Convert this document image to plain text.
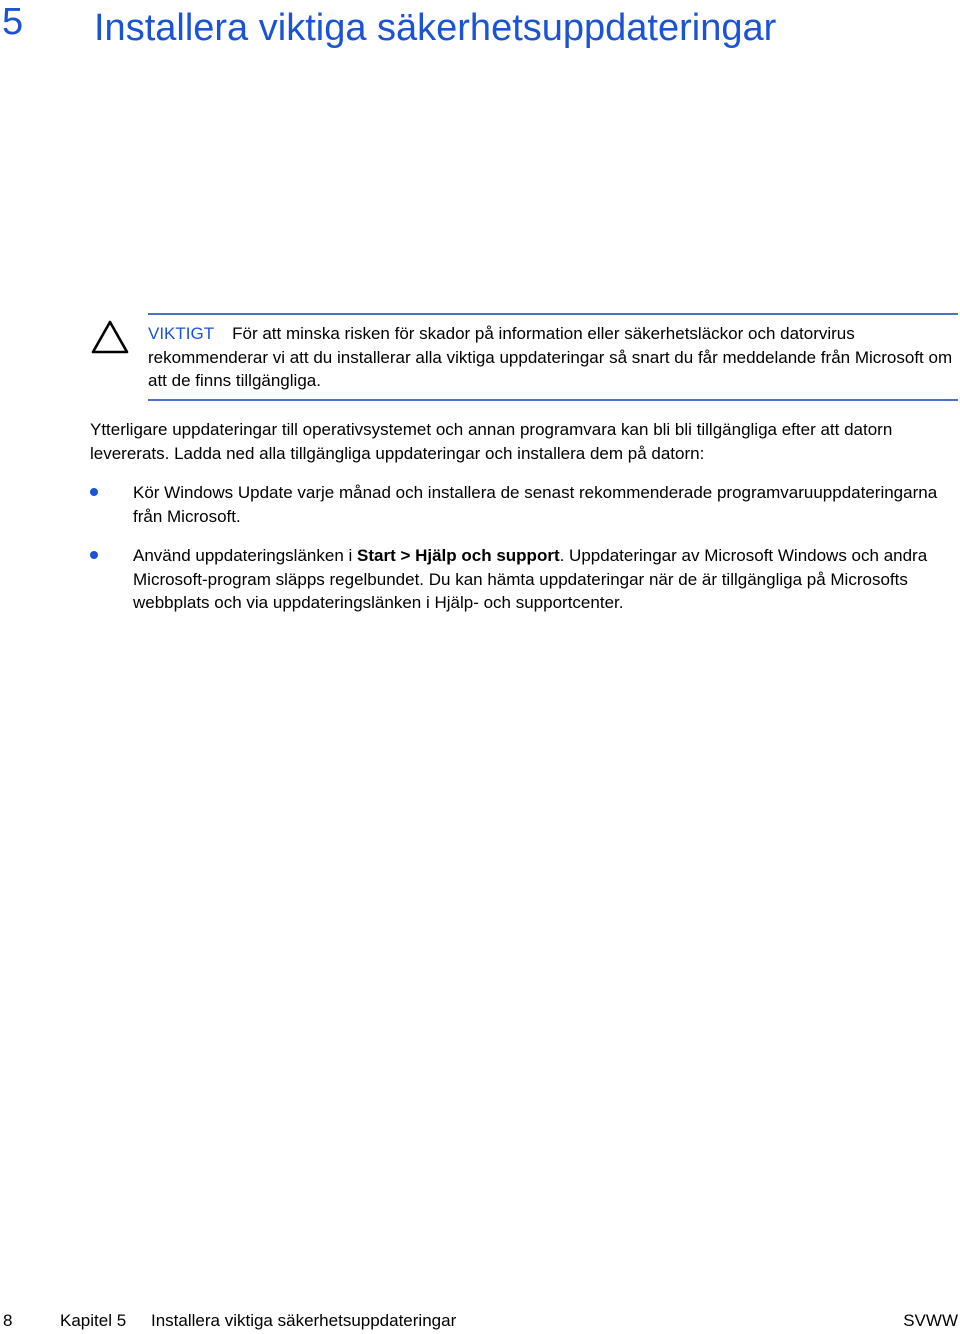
5 Installera viktiga säkerhetsuppdateringar
VIKTIGT För att minska risken för skador på information eller säkerhetsläckor och datorvirus rekommenderar vi att du installerar alla viktiga uppdateringar så snart du får meddelande från Microsoft om att de finns tillgängliga.
Ytterligare uppdateringar till operativsystemet och annan programvara kan bli bli tillgängliga efter att datorn levererats. Ladda ned alla tillgängliga uppdateringar och installera dem på datorn:
Kör Windows Update varje månad och installera de senast rekommenderade programvaruuppdateringarna från Microsoft.
Använd uppdateringslänken i Start > Hjälp och support. Uppdateringar av Microsoft Windows och andra Microsoft-program släpps regelbundet. Du kan hämta uppdateringar när de är tillgängliga på Microsofts webbplats och via uppdateringslänken i Hjälp- och supportcenter.
8	Kapitel 5 Installera viktiga säkerhetsuppdateringar	SVWW
